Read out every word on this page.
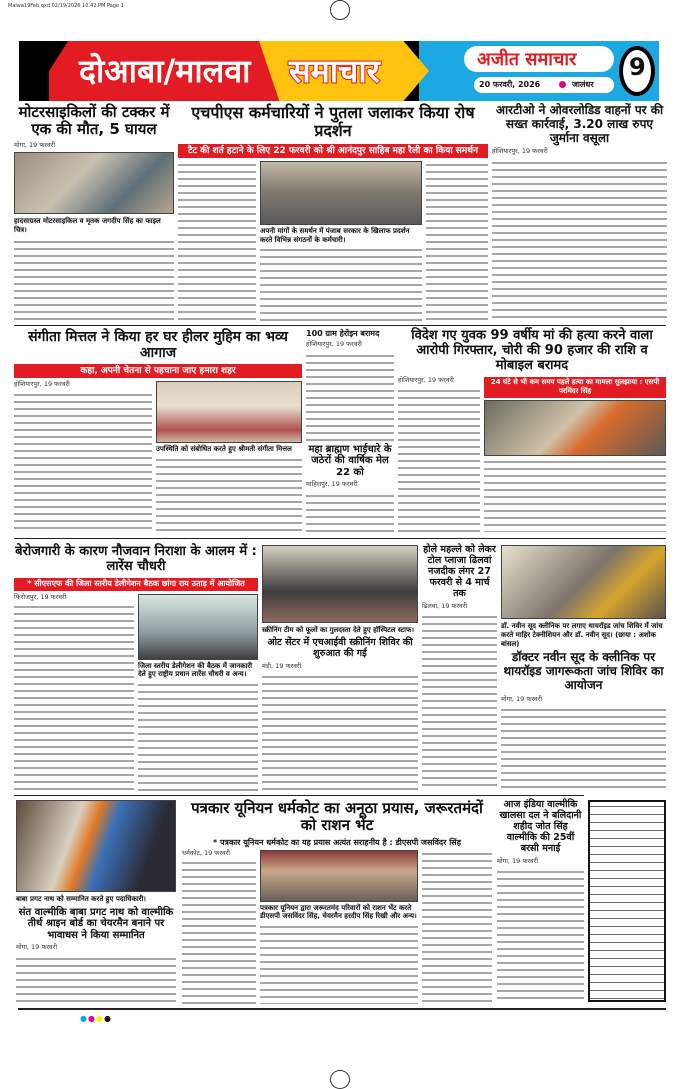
Malwa19Feb.qxd 02/19/2026 10:42 PM Page 1
दोआबा/मालवा समाचार	अजीत समाचार
20 फरवरी, 2026	जालंधर
9
मोटरसाइकिलों की टक्कर में एक की मौत, 5 घायल
मोगा, 19 फरवरी
हादसाग्रस्त मोटरसाइकिल व मृतक जगदीप सिंह का फाइल चित्र।
एचपीएस कर्मचारियों ने पुतला जलाकर किया रोष प्रदर्शन
टैट की शर्त हटाने के लिए 22 फरवरी को श्री आनंदपुर साहिब महा रैली का किया समर्थन
अपनी मांगों के समर्थन में पंजाब सरकार के खिलाफ प्रदर्शन करते विभिन्न संगठनों के कर्मचारी।
आरटीओ ने ओवरलोडिड वाहनों पर की सख्त कार्रवाई, 3.20 लाख रुपए जुर्माना वसूला
होशियारपुर, 19 फरवरी
संगीता मित्तल ने किया हर घर हीलर मुहिम का भव्य आगाज
कहा, अपनी चेतना से पहचाना जाए हमारा शहर
होशियारपुर, 19 फरवरी
उपस्थिति को संबोधित करते हुए श्रीमती संगीता मित्तल
100 ग्राम हेरोइन बरामद
होशियारपुर, 19 फरवरी
महा ब्राह्मण भाईचारे के जठेरों की वार्षिक मेल 22 को
माहिलपुर, 19 फरवरी
विदेश गए युवक 99 वर्षीय मां की हत्या करने वाला आरोपी गिरफ्तार, चोरी की 90 हजार की राशि व मोबाइल बरामद
होशियारपुर, 19 फरवरी	24 घंटे से भी कम समय पहले हत्या का मामला सुलझाया : एसपी परमिंदर सिंह
बेरोजगारी के कारण नौजवान निराशा के आलम में : लारेंस चौधरी
* सीएसएफ की जिला स्तरीय डेलीगेशन बैठक छांगा राय उताड़ में आयोजित
फिरोजपुर, 19 फरवरी
जिला स्तरीय डेलीगेशन की बैठक में जानकारी देते हुए राष्ट्रीय प्रधान लारेंस चौधरी व अन्य।
स्क्रीनिंग टीम को फूलों का गुलदस्ता देते हुए हॉस्पिटल स्टाफ।
ओट सेंटर में एचआईवी स्क्रीनिंग शिविर की शुरुआत की गई
मंडी, 19 फरवरी
होले महल्ले को लेकर टोल प्लाजा ढिलवां नजदीक लंगर 27 फरवरी से 4 मार्च तक
ढिलवां, 19 फरवरी
डॉ. नवीन सूद क्लीनिक पर लगाए थायरॉइड जांच शिविर में जांच करते माहिर टेक्नीशियन और डॉ. नवीन सूद। (छाया : अशोक बांसल)
डॉक्टर नवीन सूद के क्लीनिक पर थायरॉइड जागरूकता जांच शिविर का आयोजन
मोगा, 19 फरवरी
बाबा प्रगट नाथ को सम्मानित करते हुए पदाधिकारी।
संत वाल्मीकि बाबा प्रगट नाथ को वाल्मीकि तीर्थ श्राइन बोर्ड का चेयरमैन बनाने पर भावाधस ने किया सम्मानित
मोगा, 19 फरवरी
पत्रकार यूनियन धर्मकोट का अनूठा प्रयास, जरूरतमंदों को राशन भेंट
* पत्रकार यूनियन धर्मकोट का यह प्रयास अत्यंत सराहनीय है : डीएसपी जसविंदर सिंह
धर्मकोट, 19 फरवरी
पत्रकार यूनियन द्वारा जरूरतमंद परिवारों को राशन भेंट करते डीएसपी जसविंदर सिंह, चेयरमैन हरदीप सिंह रिखी और अन्य।
आज इंडिया वाल्मीकि खालसा दल ने बलिदानी शहीद जोत सिंह वाल्मीकि की 25वीं बरसी मनाई
मोगा, 19 फरवरी
●●●●
